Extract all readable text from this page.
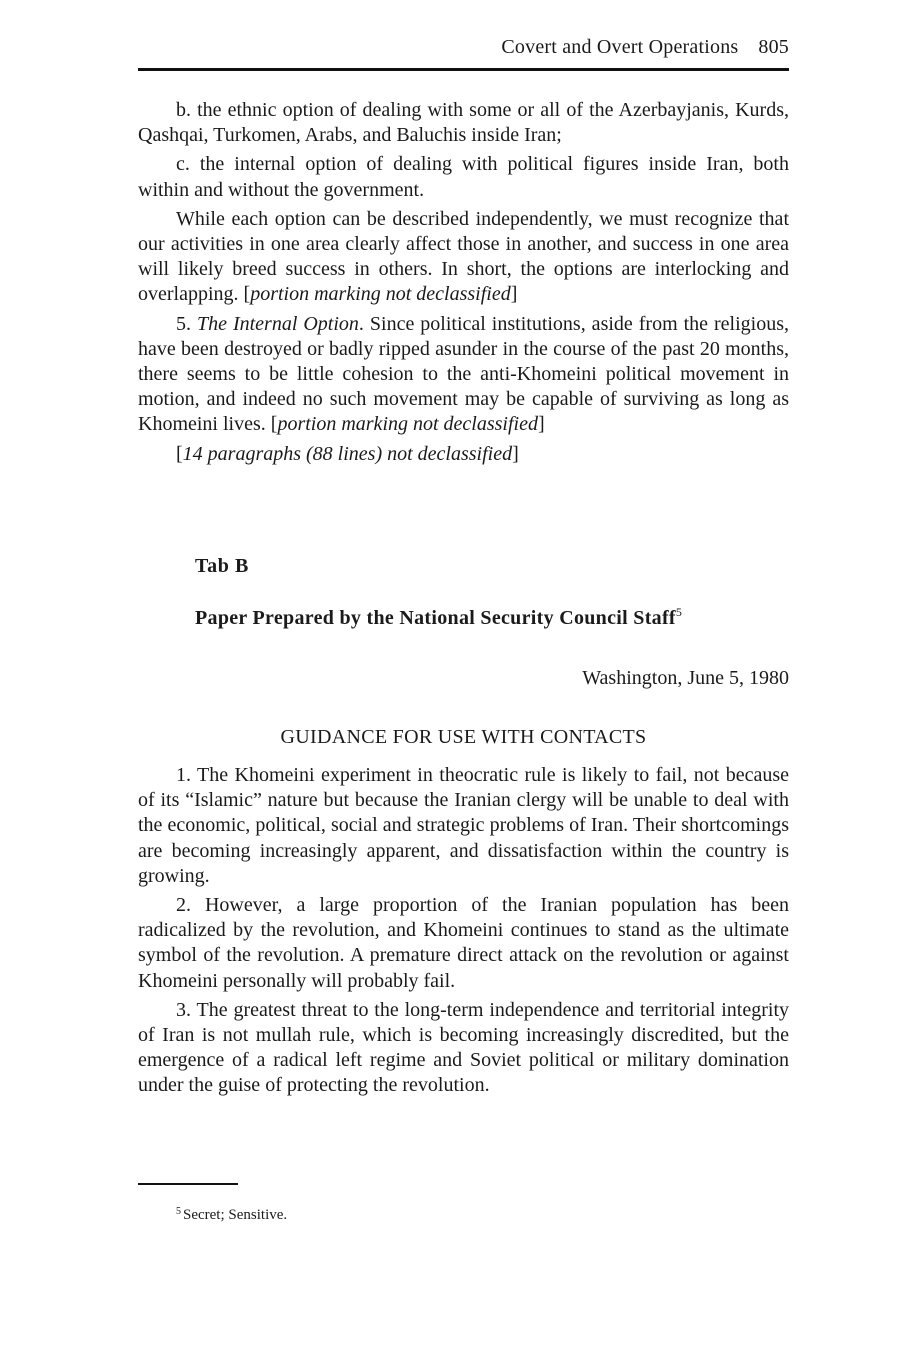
Covert and Overt Operations 805

b. the ethnic option of dealing with some or all of the Azerbayjanis, Kurds, Qashqai, Turkomen, Arabs, and Baluchis inside Iran;

c. the internal option of dealing with political figures inside Iran, both within and without the government.

While each option can be described independently, we must recognize that our activities in one area clearly affect those in another, and success in one area will likely breed success in others. In short, the options are interlocking and overlapping. [portion marking not declassified]

5. The Internal Option. Since political institutions, aside from the religious, have been destroyed or badly ripped asunder in the course of the past 20 months, there seems to be little cohesion to the anti-Khomeini political movement in motion, and indeed no such movement may be capable of surviving as long as Khomeini lives. [portion marking not declassified]

[14 paragraphs (88 lines) not declassified]

Tab B
Paper Prepared by the National Security Council Staff$^5$
Washington, June 5, 1980
GUIDANCE FOR USE WITH CONTACTS

1. The Khomeini experiment in theocratic rule is likely to fail, not because of its “Islamic” nature but because the Iranian clergy will be unable to deal with the economic, political, social and strategic problems of Iran. Their shortcomings are becoming increasingly apparent, and dissatisfaction within the country is growing.

2. However, a large proportion of the Iranian population has been radicalized by the revolution, and Khomeini continues to stand as the ultimate symbol of the revolution. A premature direct attack on the revolution or against Khomeini personally will probably fail.

3. The greatest threat to the long-term independence and territorial integrity of Iran is not mullah rule, which is becoming increasingly discredited, but the emergence of a radical left regime and Soviet political or military domination under the guise of protecting the revolution.

$^5$ Secret; Sensitive.
